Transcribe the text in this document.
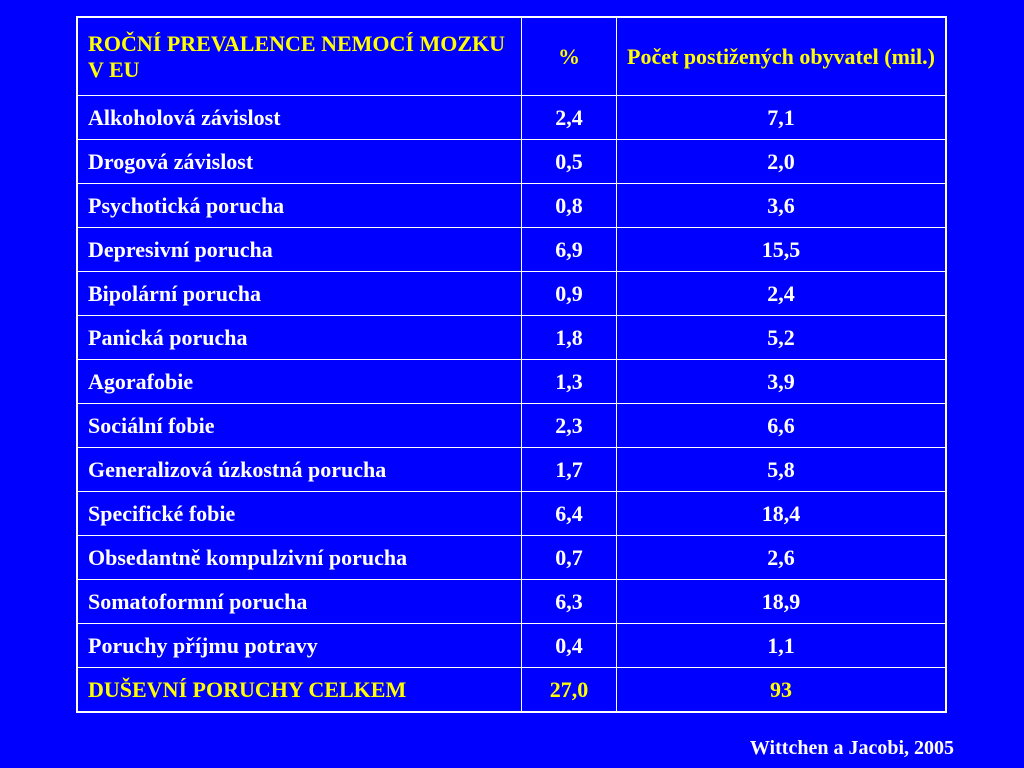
ROČNÍ PREVALENCE NEMOCÍ MOZKU V EU	%	Počet postižených obyvatel (mil.)
Alkoholová závislost	2,4	7,1
Drogová závislost	0,5	2,0
Psychotická porucha	0,8	3,6
Depresivní porucha	6,9	15,5
Bipolární porucha	0,9	2,4
Panická porucha	1,8	5,2
Agorafobie	1,3	3,9
Sociální fobie	2,3	6,6
Generalizová úzkostná porucha	1,7	5,8
Specifické fobie	6,4	18,4
Obsedantně kompulzivní porucha	0,7	2,6
Somatoformní porucha	6,3	18,9
Poruchy příjmu potravy	0,4	1,1
DUŠEVNÍ PORUCHY CELKEM	27,0	93

Wittchen a Jacobi, 2005
